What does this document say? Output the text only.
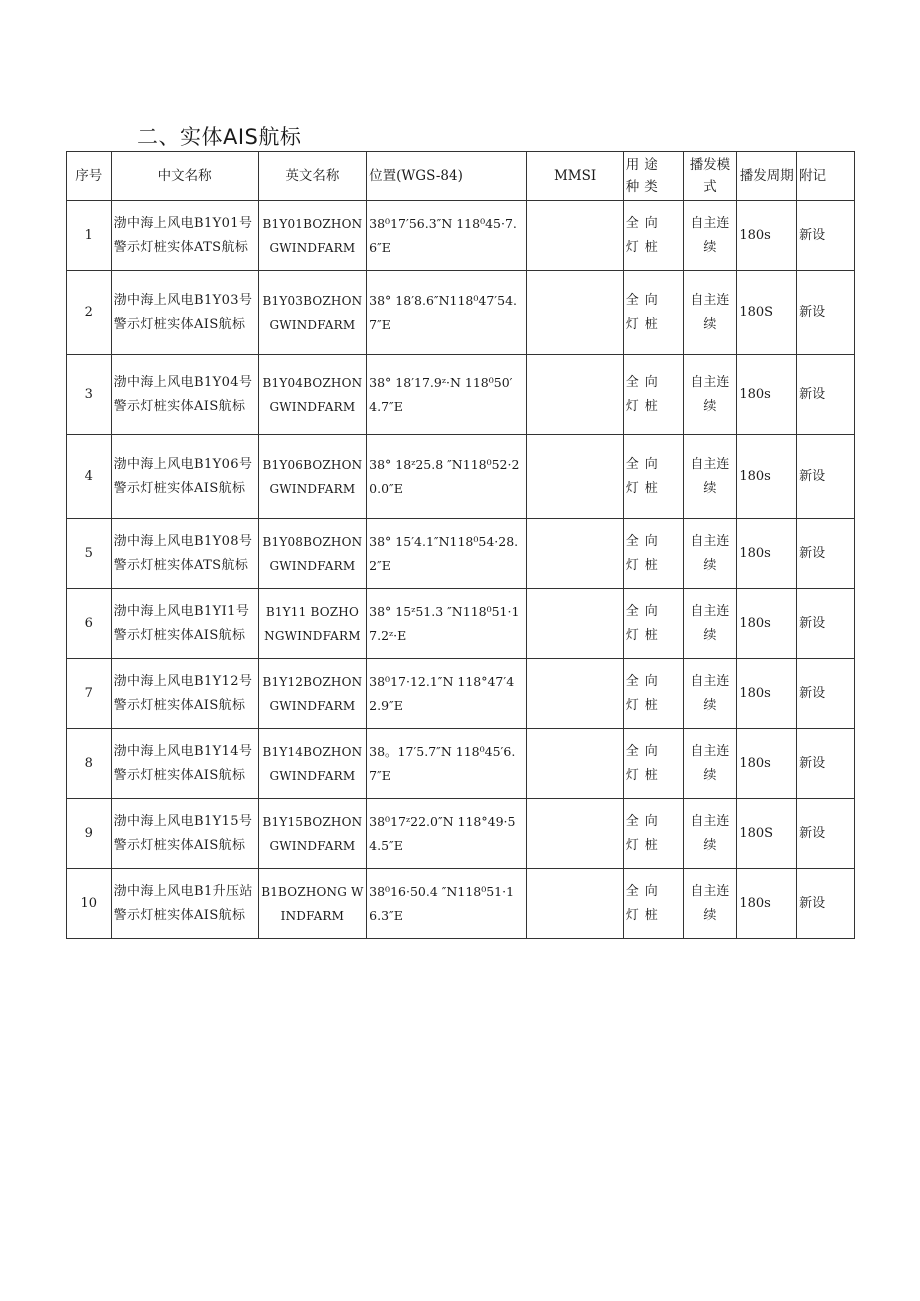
二、实体AIS航标
序号	中文名称	英文名称	位置(WGS-84)	MMSI	用途种类	播发模式	播发周期	附记

1	渤中海上风电B1Y01号警示灯桩实体ATS航标	B1Y01BOZHONGWINDFARM	38⁰17′56.3″N 118⁰45·7.6″E		全向灯桩	自主连续	180s	新设

2	渤中海上风电B1Y03号警示灯桩实体AIS航标	B1Y03BOZHONGWINDFARM	38° 18′8.6″N118⁰47′54.7″E		全向灯桩	自主连续	180S	新设

3	渤中海上风电B1Y04号警示灯桩实体AIS航标	B1Y04BOZHONGWINDFARM	38° 18′17.9ᶻ·N 118⁰50′4.7″E		全向灯桩	自主连续	180s	新设

4	渤中海上风电B1Y06号警示灯桩实体AIS航标	B1Y06BOZHONGWINDFARM	38° 18ᶻ25.8 ″N118⁰52·20.0″E		全向灯桩	自主连续	180s	新设

5	渤中海上风电B1Y08号警示灯桩实体ATS航标	B1Y08BOZHONGWINDFARM	38° 15′4.1″N118⁰54·28.2″E		全向灯桩	自主连续	180s	新设

6	渤中海上风电B1YI1号警示灯桩实体AIS航标	B1Y11 BOZHONGWINDFARM	38° 15ᶻ51.3 ″N118⁰51·17.2ᶻ·E		全向灯桩	自主连续	180s	新设

7	渤中海上风电B1Y12号警示灯桩实体AIS航标	B1Y12BOZHONGWINDFARM	38⁰17·12.1″N 118°47′42.9″E		全向灯桩	自主连续	180s	新设

8	渤中海上风电B1Y14号警示灯桩实体AIS航标	B1Y14BOZHONGWINDFARM	38。17′5.7″N 118⁰45′6.7″E		全向灯桩	自主连续	180s	新设

9	渤中海上风电B1Y15号警示灯桩实体AIS航标	B1Y15BOZHONGWINDFARM	38⁰17ᶻ22.0″N 118°49·54.5″E		全向灯桩	自主连续	180S	新设

10	渤中海上风电B1升压站警示灯桩实体AIS航标	B1BOZHONG WINDFARM	38⁰16·50.4 ″N118⁰51·16.3″E		全向灯桩	自主连续	180s	新设
